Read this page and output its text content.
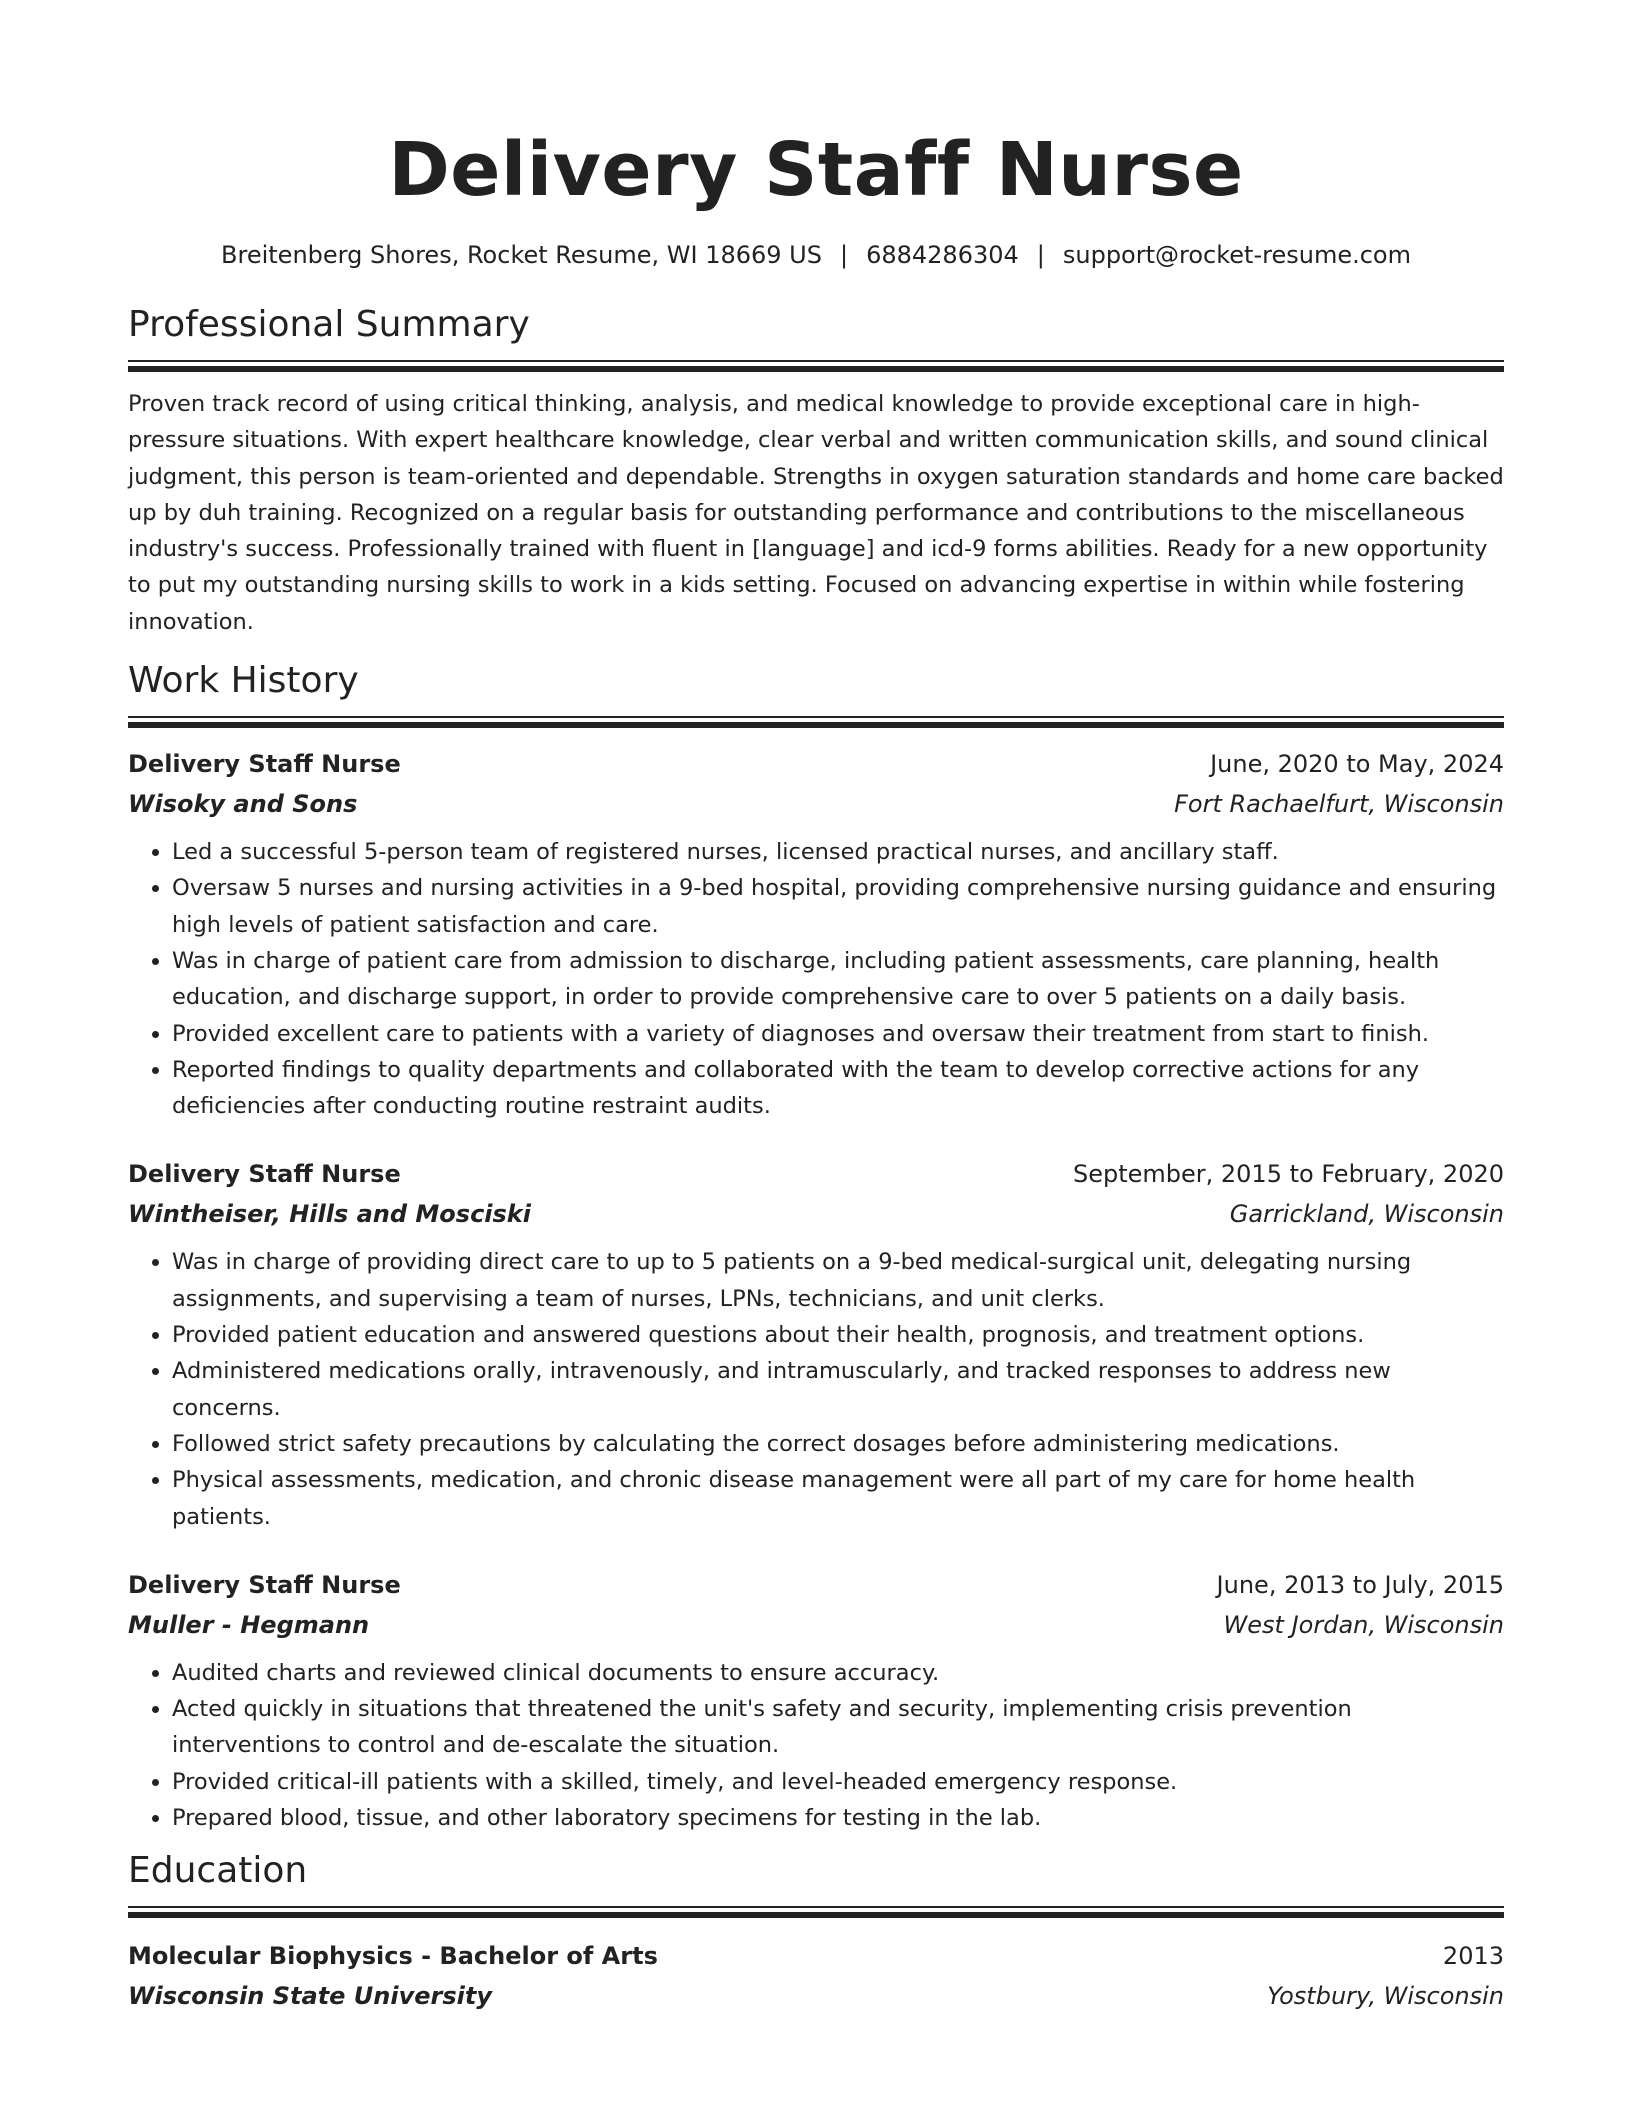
Delivery Staff Nurse
Breitenberg Shores, Rocket Resume, WI 18669 US | 6884286304 | support@rocket-resume.com
Professional Summary

Proven track record of using critical thinking, analysis, and medical knowledge to provide exceptional care in high-pressure situations. With expert healthcare knowledge, clear verbal and written communication skills, and sound clinical judgment, this person is team-oriented and dependable. Strengths in oxygen saturation standards and home care backed up by duh training. Recognized on a regular basis for outstanding performance and contributions to the miscellaneous industry's success. Professionally trained with fluent in [language] and icd-9 forms abilities. Ready for a new opportunity to put my outstanding nursing skills to work in a kids setting. Focused on advancing expertise in within while fostering innovation.

Work History
Delivery Staff Nurse	June, 2020 to May, 2024
Wisoky and Sons	Fort Rachaelfurt, Wisconsin
• Led a successful 5-person team of registered nurses, licensed practical nurses, and ancillary staff.
• Oversaw 5 nurses and nursing activities in a 9-bed hospital, providing comprehensive nursing guidance and ensuring high levels of patient satisfaction and care.
• Was in charge of patient care from admission to discharge, including patient assessments, care planning, health education, and discharge support, in order to provide comprehensive care to over 5 patients on a daily basis.
• Provided excellent care to patients with a variety of diagnoses and oversaw their treatment from start to finish.
• Reported findings to quality departments and collaborated with the team to develop corrective actions for any deficiencies after conducting routine restraint audits.
Delivery Staff Nurse	September, 2015 to February, 2020
Wintheiser, Hills and Mosciski	Garrickland, Wisconsin
• Was in charge of providing direct care to up to 5 patients on a 9-bed medical-surgical unit, delegating nursing assignments, and supervising a team of nurses, LPNs, technicians, and unit clerks.
• Provided patient education and answered questions about their health, prognosis, and treatment options.
• Administered medications orally, intravenously, and intramuscularly, and tracked responses to address new concerns.
• Followed strict safety precautions by calculating the correct dosages before administering medications.
• Physical assessments, medication, and chronic disease management were all part of my care for home health patients.
Delivery Staff Nurse	June, 2013 to July, 2015
Muller - Hegmann	West Jordan, Wisconsin
• Audited charts and reviewed clinical documents to ensure accuracy.
• Acted quickly in situations that threatened the unit's safety and security, implementing crisis prevention interventions to control and de-escalate the situation.
• Provided critical-ill patients with a skilled, timely, and level-headed emergency response.
• Prepared blood, tissue, and other laboratory specimens for testing in the lab.
Education
Molecular Biophysics - Bachelor of Arts	2013
Wisconsin State University	Yostbury, Wisconsin
